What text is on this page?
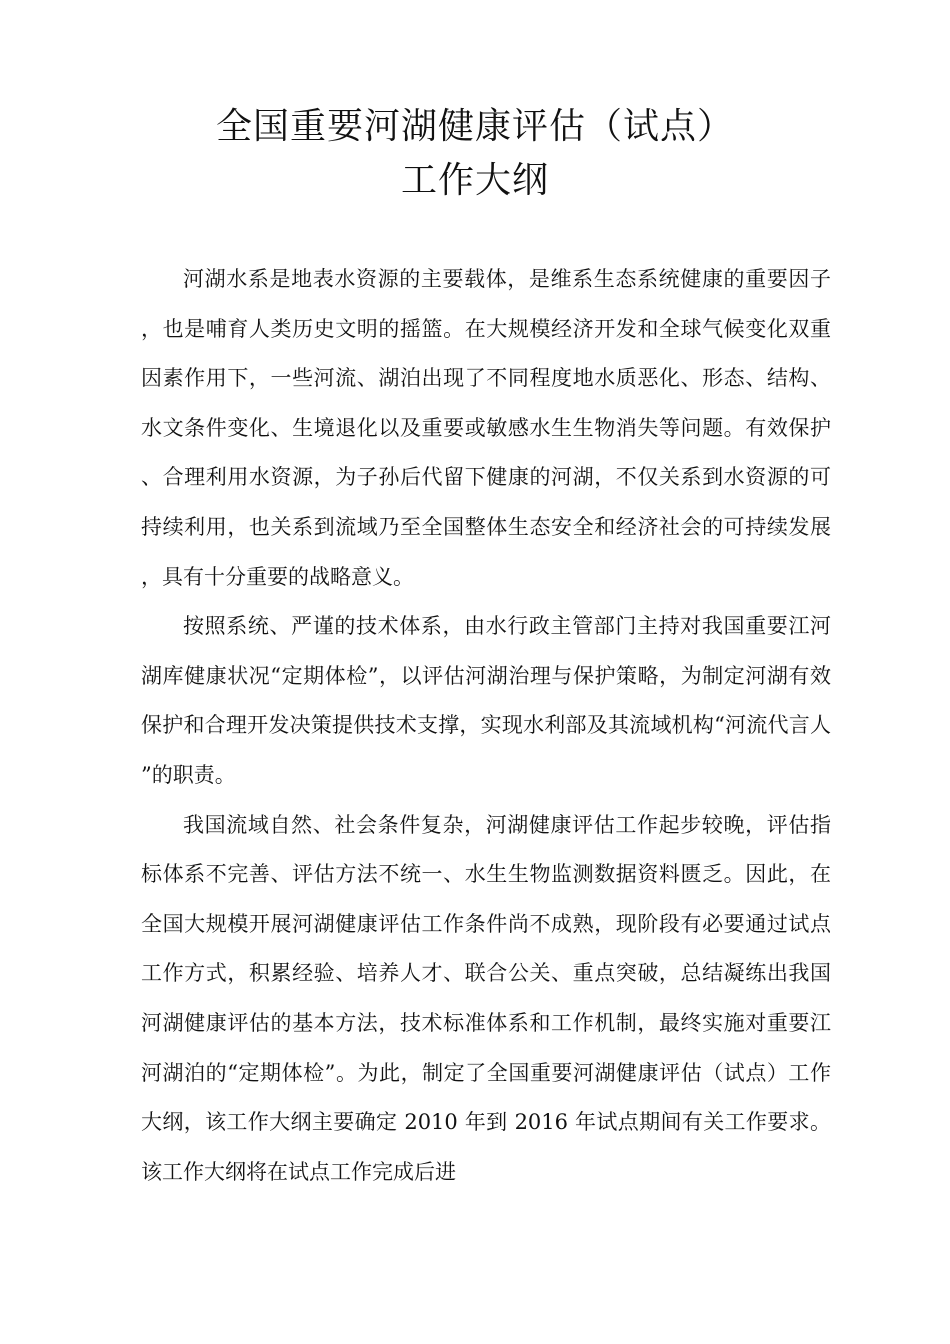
全国重要河湖健康评估（试点）
工作大纲

河湖水系是地表水资源的主要载体，是维系生态系统健康的重要因子，也是哺育人类历史文明的摇篮。在大规模经济开发和全球气候变化双重因素作用下，一些河流、湖泊出现了不同程度地水质恶化、形态、结构、水文条件变化、生境退化以及重要或敏感水生生物消失等问题。有效保护、合理利用水资源，为子孙后代留下健康的河湖，不仅关系到水资源的可持续利用，也关系到流域乃至全国整体生态安全和经济社会的可持续发展，具有十分重要的战略意义。

按照系统、严谨的技术体系，由水行政主管部门主持对我国重要江河湖库健康状况“定期体检”，以评估河湖治理与保护策略，为制定河湖有效保护和合理开发决策提供技术支撑，实现水利部及其流域机构“河流代言人”的职责。

我国流域自然、社会条件复杂，河湖健康评估工作起步较晚，评估指标体系不完善、评估方法不统一、水生生物监测数据资料匮乏。因此，在全国大规模开展河湖健康评估工作条件尚不成熟，现阶段有必要通过试点工作方式，积累经验、培养人才、联合公关、重点突破，总结凝练出我国河湖健康评估的基本方法，技术标准体系和工作机制，最终实施对重要江河湖泊的“定期体检”。为此，制定了全国重要河湖健康评估（试点）工作大纲，该工作大纲主要确定 2010 年到 2016 年试点期间有关工作要求。该工作大纲将在试点工作完成后进
